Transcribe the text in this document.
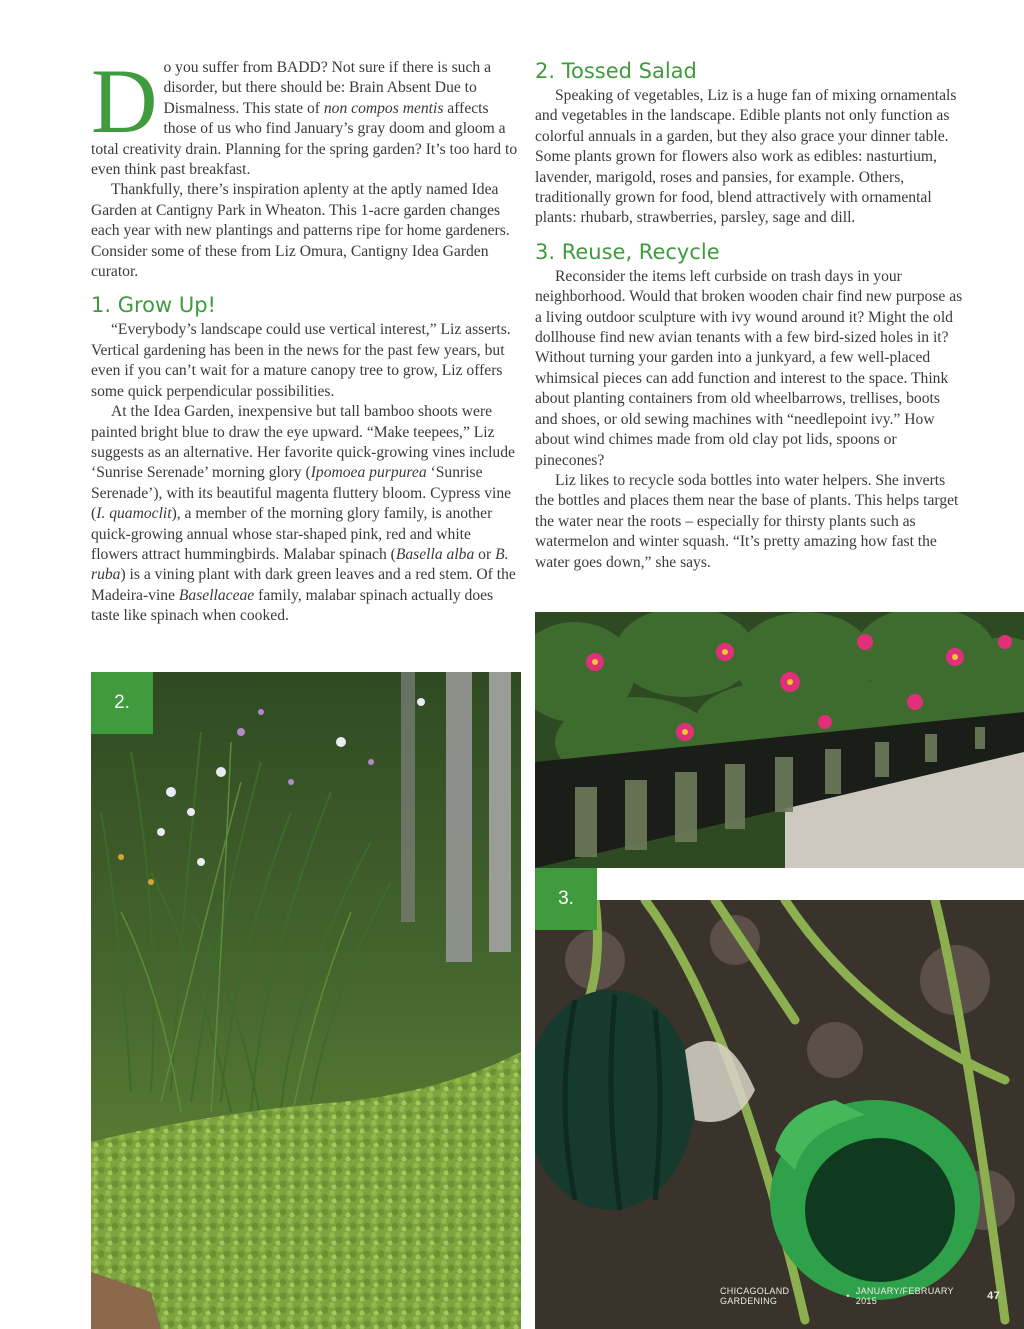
Do you suffer from BADD? Not sure if there is such a disorder, but there should be: Brain Absent Due to Dismalness. This state of non compos mentis affects those of us who find January’s gray doom and gloom a total creativity drain. Planning for the spring garden? It’s too hard to even think past breakfast.

Thankfully, there’s inspiration aplenty at the aptly named Idea Garden at Cantigny Park in Wheaton. This 1-acre garden changes each year with new plantings and patterns ripe for home gardeners. Consider some of these from Liz Omura, Cantigny Idea Garden curator.

1. Grow Up!

“Everybody’s landscape could use vertical interest,” Liz asserts. Vertical gardening has been in the news for the past few years, but even if you can’t wait for a mature canopy tree to grow, Liz offers some quick perpendicular possibilities.

At the Idea Garden, inexpensive but tall bamboo shoots were painted bright blue to draw the eye upward. “Make teepees,” Liz suggests as an alternative. Her favorite quick-growing vines include ‘Sunrise Serenade’ morning glory (Ipomoea purpurea ‘Sunrise Serenade’), with its beautiful magenta fluttery bloom. Cypress vine (I. quamoclit), a member of the morning glory family, is another quick-growing annual whose star-shaped pink, red and white flowers attract hummingbirds. Malabar spinach (Basella alba or B. ruba) is a vining plant with dark green leaves and a red stem. Of the Madeira-vine Basellaceae family, malabar spinach actually does taste like spinach when cooked.

2. Tossed Salad

Speaking of vegetables, Liz is a huge fan of mixing ornamentals and vegetables in the landscape. Edible plants not only function as colorful annuals in a garden, but they also grace your dinner table. Some plants grown for flowers also work as edibles: nasturtium, lavender, marigold, roses and pansies, for example. Others, traditionally grown for food, blend attractively with ornamental plants: rhubarb, strawberries, parsley, sage and dill.

3. Reuse, Recycle

Reconsider the items left curbside on trash days in your neighborhood. Would that broken wooden chair find new purpose as a living outdoor sculpture with ivy wound around it? Might the old dollhouse find new avian tenants with a few bird-sized holes in it? Without turning your garden into a junkyard, a few well-placed whimsical pieces can add function and interest to the space. Think about planting containers from old wheelbarrows, trellises, boots and shoes, or old sewing machines with “needlepoint ivy.” How about wind chimes made from old clay pot lids, spoons or pinecones?

Liz likes to recycle soda bottles into water helpers. She inverts the bottles and places them near the base of plants. This helps target the water near the roots – especially for thirsty plants such as watermelon and winter squash. “It’s pretty amazing how fast the water goes down,” she says.

2.
3.
CHICAGOLAND GARDENING	• JANUARY/FEBRUARY 2015	47
